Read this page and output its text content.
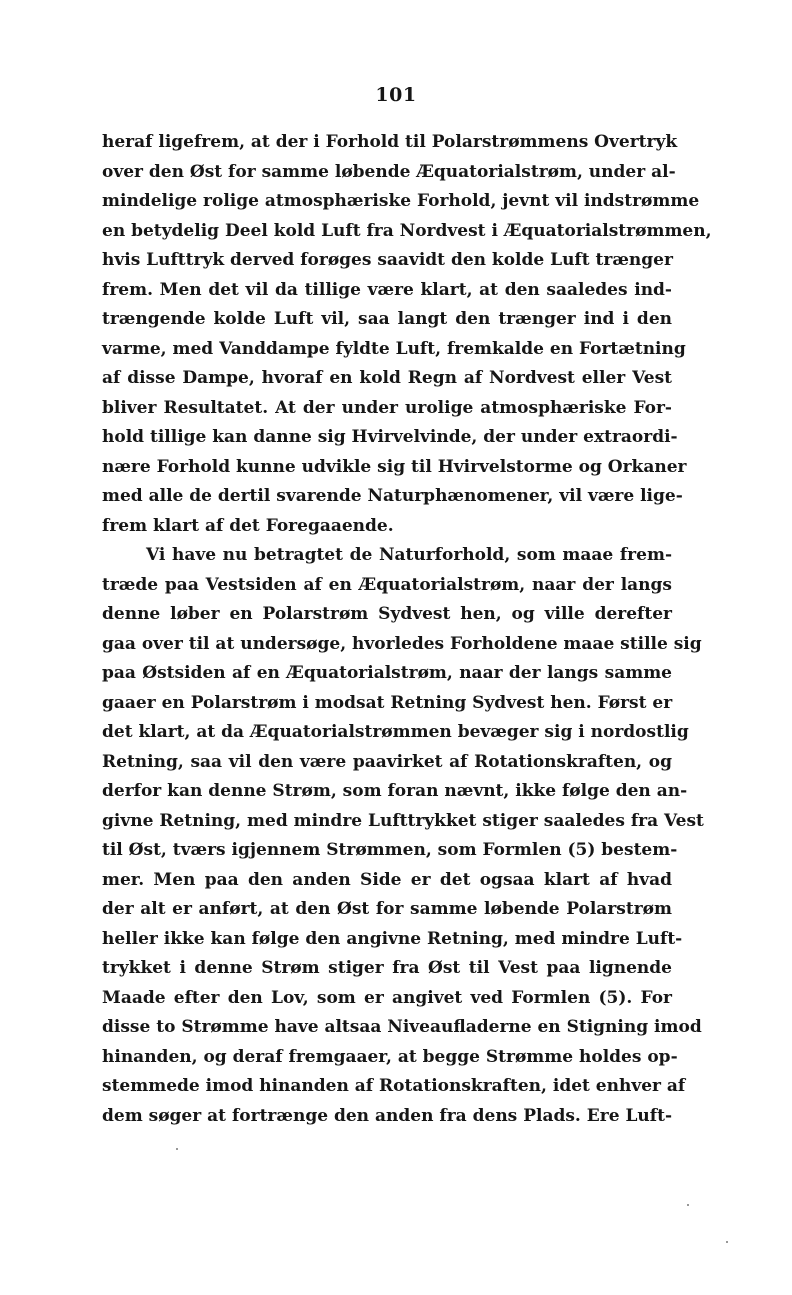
101
heraf ligefrem, at der i Forhold til Polarstrømmens Overtryk
over den Øst for samme løbende Æquatorialstrøm, under al-
mindelige rolige atmosphæriske Forhold, jevnt vil indstrømme
en betydelig Deel kold Luft fra Nordvest i Æquatorialstrømmen,
hvis Lufttryk derved forøges saavidt den kolde Luft trænger
frem. Men det vil da tillige være klart, at den saaledes ind-
trængende kolde Luft vil, saa langt den trænger ind i den
varme, med Vanddampe fyldte Luft, fremkalde en Fortætning
af disse Dampe, hvoraf en kold Regn af Nordvest eller Vest
bliver Resultatet. At der under urolige atmosphæriske For-
hold tillige kan danne sig Hvirvelvinde, der under extraordi-
nære Forhold kunne udvikle sig til Hvirvelstorme og Orkaner
med alle de dertil svarende Naturphænomener, vil være lige-
frem klart af det Foregaaende.
Vi have nu betragtet de Naturforhold, som maae frem-
træde paa Vestsiden af en Æquatorialstrøm, naar der langs
denne løber en Polarstrøm Sydvest hen, og ville derefter
gaa over til at undersøge, hvorledes Forholdene maae stille sig
paa Østsiden af en Æquatorialstrøm, naar der langs samme
gaaer en Polarstrøm i modsat Retning Sydvest hen. Først er
det klart, at da Æquatorialstrømmen bevæger sig i nordostlig
Retning, saa vil den være paavirket af Rotationskraften, og
derfor kan denne Strøm, som foran nævnt, ikke følge den an-
givne Retning, med mindre Lufttrykket stiger saaledes fra Vest
til Øst, tværs igjennem Strømmen, som Formlen (5) bestem-
mer. Men paa den anden Side er det ogsaa klart af hvad
der alt er anført, at den Øst for samme løbende Polarstrøm
heller ikke kan følge den angivne Retning, med mindre Luft-
trykket i denne Strøm stiger fra Øst til Vest paa lignende
Maade efter den Lov, som er angivet ved Formlen (5). For
disse to Strømme have altsaa Niveaufladerne en Stigning imod
hinanden, og deraf fremgaaer, at begge Strømme holdes op-
stemmede imod hinanden af Rotationskraften, idet enhver af
dem søger at fortrænge den anden fra dens Plads. Ere Luft-
